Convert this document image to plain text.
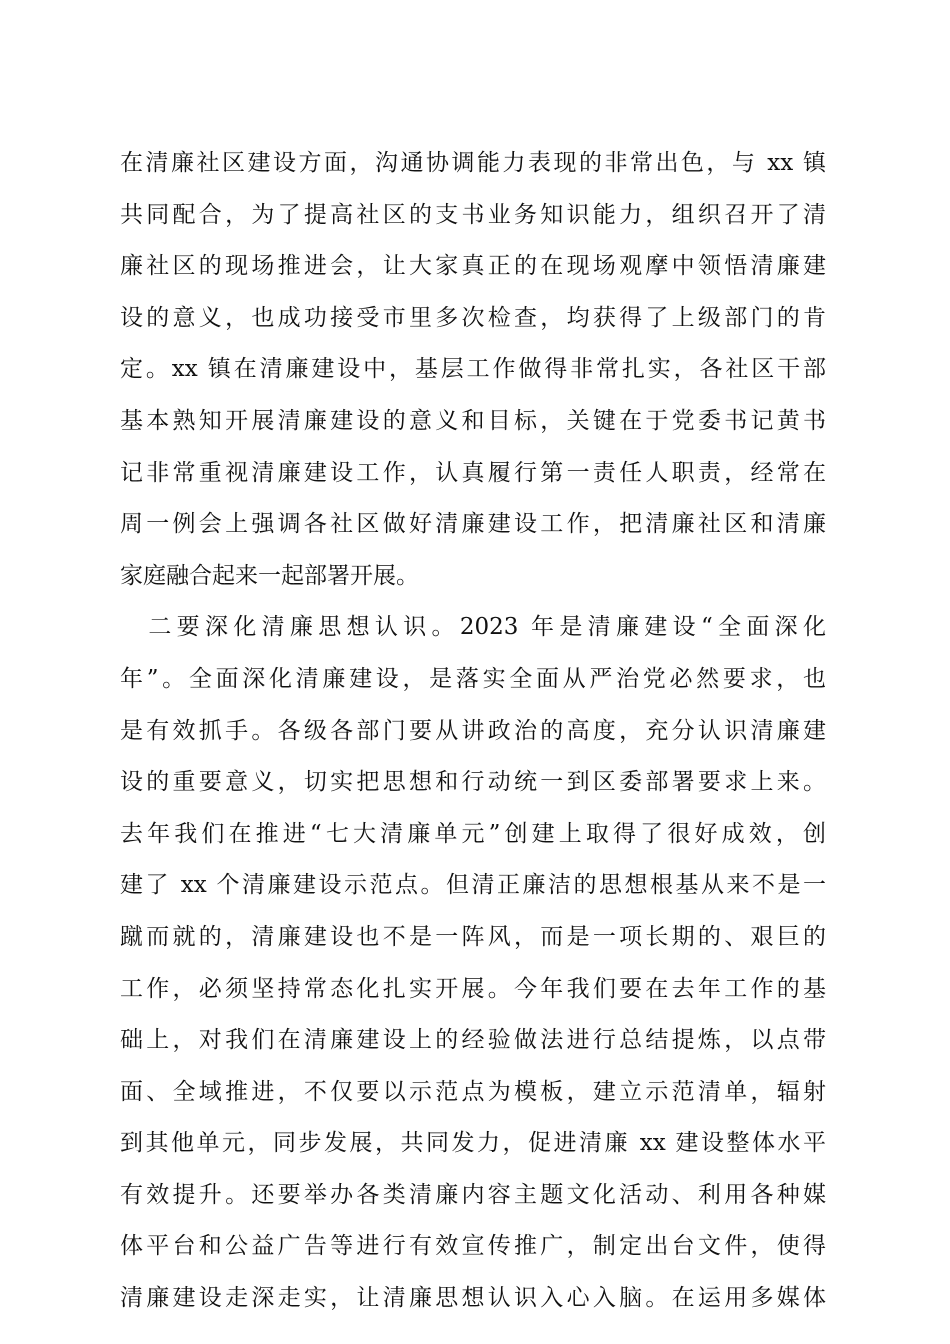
在清廉社区建设方面，沟通协调能力表现的非常出色，与 xx 镇
共同配合，为了提高社区的支书业务知识能力，组织召开了清
廉社区的现场推进会，让大家真正的在现场观摩中领悟清廉建
设的意义，也成功接受市里多次检查，均获得了上级部门的肯
定。xx 镇在清廉建设中，基层工作做得非常扎实，各社区干部
基本熟知开展清廉建设的意义和目标，关键在于党委书记黄书
记非常重视清廉建设工作，认真履行第一责任人职责，经常在
周一例会上强调各社区做好清廉建设工作，把清廉社区和清廉
家庭融合起来一起部署开展。
　二要深化清廉思想认识。2023 年是清廉建设“全面深化
年”。全面深化清廉建设，是落实全面从严治党必然要求，也
是有效抓手。各级各部门要从讲政治的高度，充分认识清廉建
设的重要意义，切实把思想和行动统一到区委部署要求上来。
去年我们在推进“七大清廉单元”创建上取得了很好成效，创
建了 xx 个清廉建设示范点。但清正廉洁的思想根基从来不是一
蹴而就的，清廉建设也不是一阵风，而是一项长期的、艰巨的
工作，必须坚持常态化扎实开展。今年我们要在去年工作的基
础上，对我们在清廉建设上的经验做法进行总结提炼，以点带
面、全域推进，不仅要以示范点为模板，建立示范清单，辐射
到其他单元，同步发展，共同发力，促进清廉 xx 建设整体水平
有效提升。还要举办各类清廉内容主题文化活动、利用各种媒
体平台和公益广告等进行有效宣传推广，制定出台文件，使得
清廉建设走深走实，让清廉思想认识入心入脑。在运用多媒体
